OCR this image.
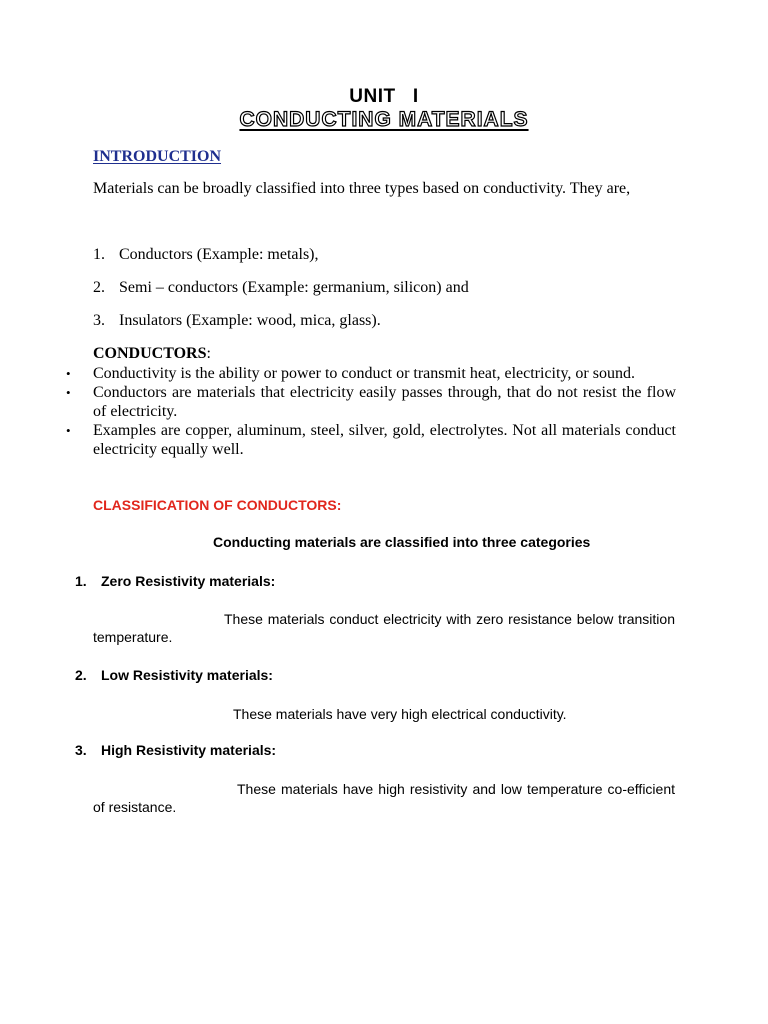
UNIT   I

CONDUCTING MATERIALS

INTRODUCTION

Materials can be broadly classified into three types based on conductivity. They are,

1. Conductors (Example: metals),

2. Semi – conductors (Example: germanium, silicon) and

3. Insulators (Example: wood, mica, glass).

CONDUCTORS:

• Conductivity is the ability or power to conduct or transmit heat, electricity, or sound.
• Conductors are materials that electricity easily passes through, that do not resist the flow of electricity.
• Examples are copper, aluminum, steel, silver, gold, electrolytes. Not all materials conduct electricity equally well.

CLASSIFICATION OF CONDUCTORS:

Conducting materials are classified into three categories

1. Zero Resistivity materials:

These materials conduct electricity with zero resistance below transition temperature.

2. Low Resistivity materials:

These materials have very high electrical conductivity.

3. High Resistivity materials:

These materials have high resistivity and low temperature co-efficient of resistance.
